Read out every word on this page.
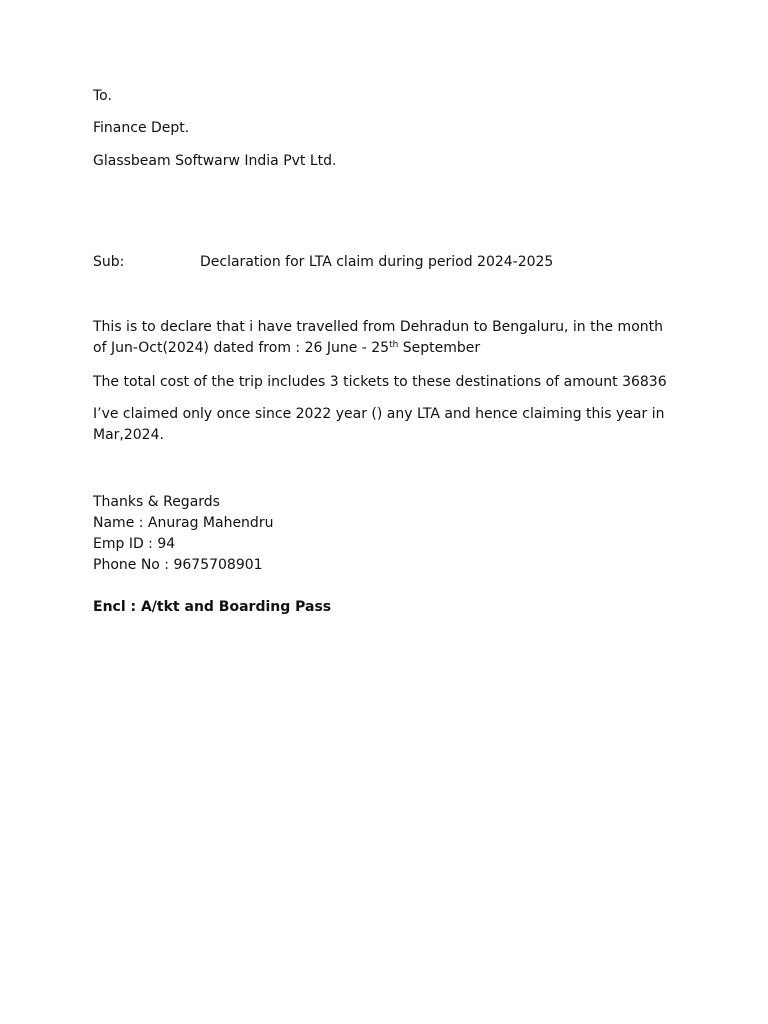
To.

Finance Dept.

Glassbeam Softwarw India Pvt Ltd.

Sub:	Declaration for LTA claim during period 2024-2025

This is to declare that i have travelled from Dehradun to Bengaluru, in the month of Jun-Oct(2024) dated from : 26 June - 25th September

The total cost of the trip includes 3 tickets to these destinations of amount 36836

I’ve claimed only once since 2022 year () any LTA and hence claiming this year in Mar,2024.

Thanks & Regards

Name : Anurag Mahendru

Emp ID : 94

Phone No : 9675708901

Encl : A/tkt and Boarding Pass
